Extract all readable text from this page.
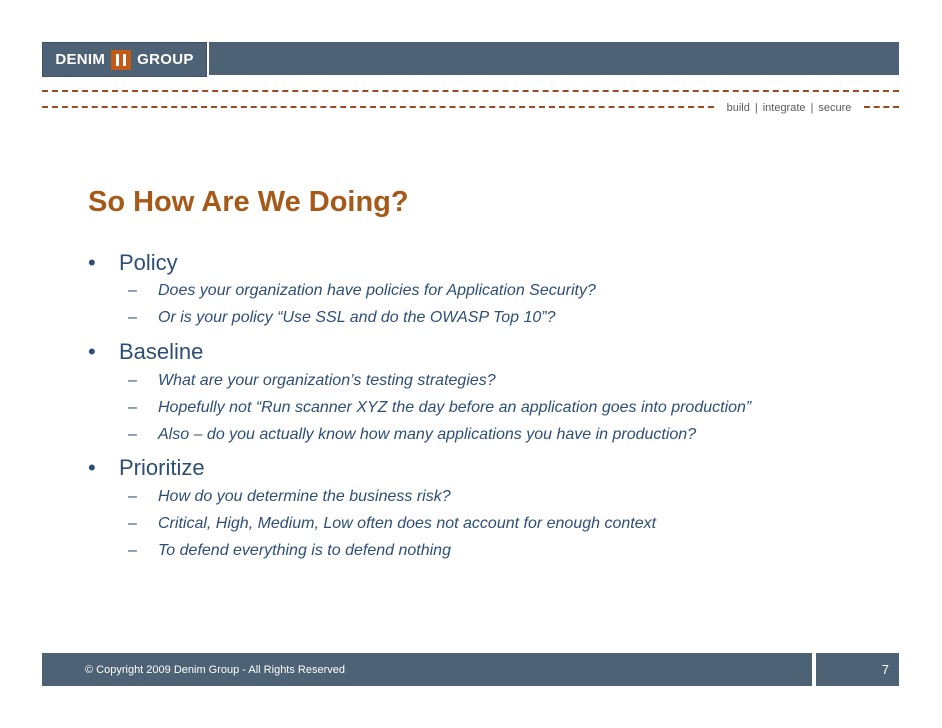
DENIM GROUP
build | integrate | secure
So How Are We Doing?
• Policy
– Does your organization have policies for Application Security?
– Or is your policy “Use SSL and do the OWASP Top 10”?
• Baseline
– What are your organization’s testing strategies?
– Hopefully not “Run scanner XYZ the day before an application goes into production”
– Also – do you actually know how many applications you have in production?
• Prioritize
– How do you determine the business risk?
– Critical, High, Medium, Low often does not account for enough context
– To defend everything is to defend nothing
© Copyright 2009 Denim Group - All Rights Reserved	7
